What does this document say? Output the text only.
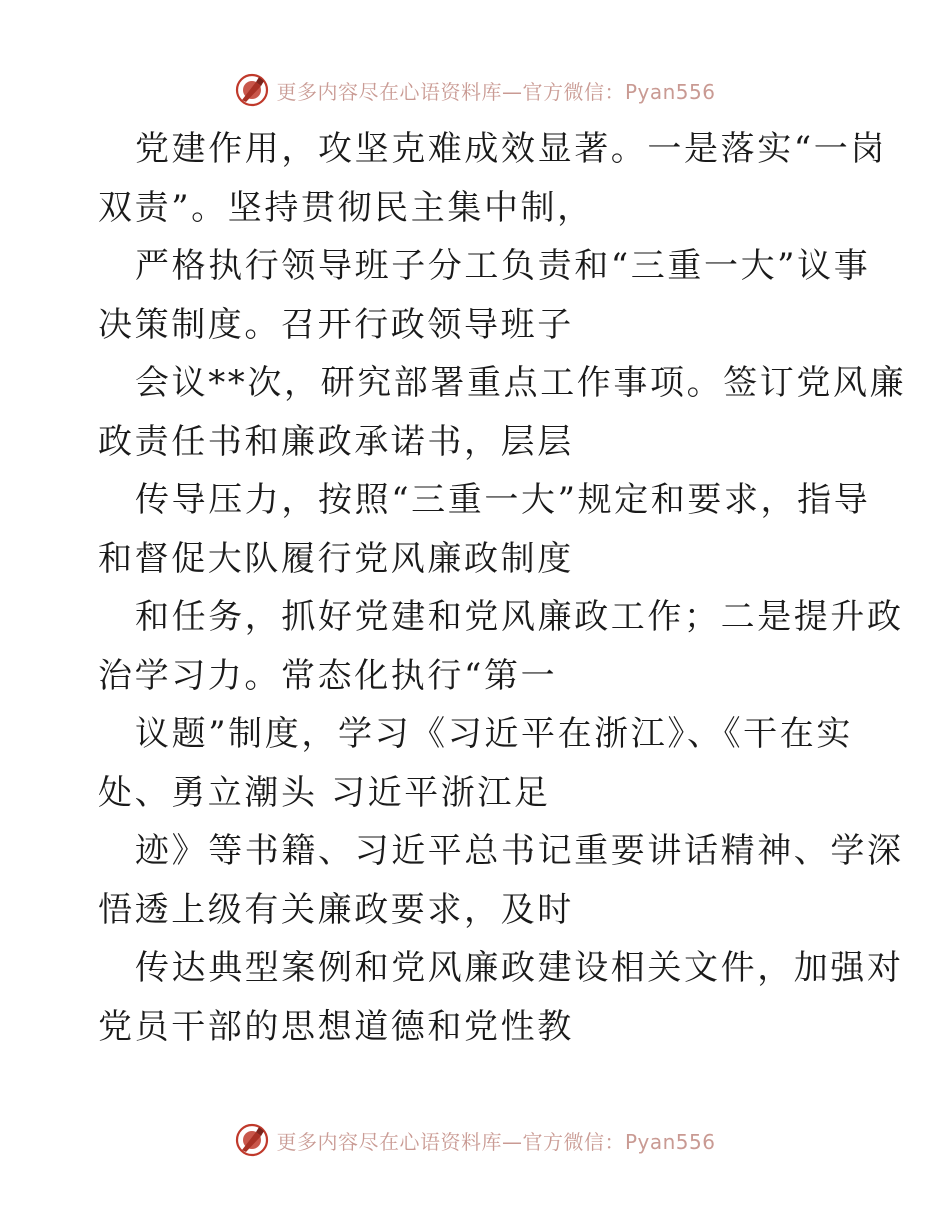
更多内容尽在心语资料库—官方微信：Pyan556
党建作用，攻坚克难成效显著。一是落实“一岗
双责”。坚持贯彻民主集中制，
严格执行领导班子分工负责和“三重一大”议事
决策制度。召开行政领导班子
会议**次，研究部署重点工作事项。签订党风廉
政责任书和廉政承诺书，层层
传导压力，按照“三重一大”规定和要求，指导
和督促大队履行党风廉政制度
和任务，抓好党建和党风廉政工作；二是提升政
治学习力。常态化执行“第一
议题”制度，学习《习近平在浙江》、《干在实
处、勇立潮头 习近平浙江足
迹》等书籍、习近平总书记重要讲话精神、学深
悟透上级有关廉政要求，及时
传达典型案例和党风廉政建设相关文件，加强对
党员干部的思想道德和党性教
更多内容尽在心语资料库—官方微信：Pyan556
